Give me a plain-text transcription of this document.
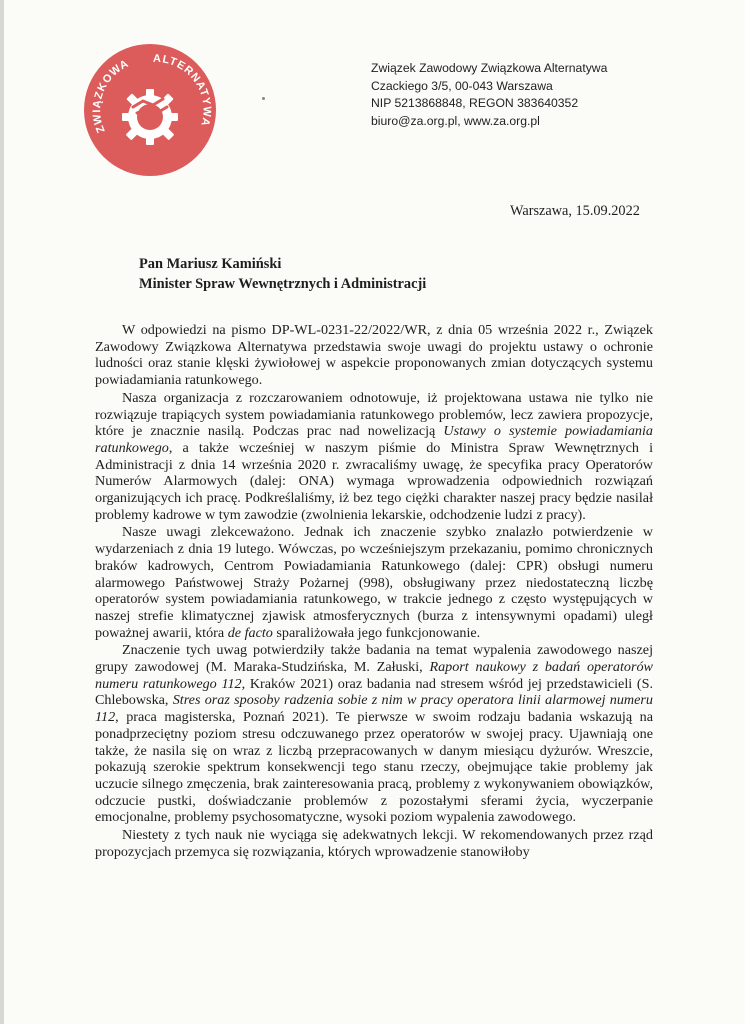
ZWIĄZKOWA ALTERNATYWA
Związek Zawodowy Związkowa Alternatywa
Czackiego 3/5, 00-043 Warszawa
NIP 5213868848, REGON 383640352
biuro@za.org.pl, www.za.org.pl
Warszawa, 15.09.2022
Pan Mariusz Kamiński
Minister Spraw Wewnętrznych i Administracji

W odpowiedzi na pismo DP-WL-0231-22/2022/WR, z dnia 05 września 2022 r., Związek Zawodowy Związkowa Alternatywa przedstawia swoje uwagi do projektu ustawy o ochronie ludności oraz stanie klęski żywiołowej w aspekcie proponowanych zmian dotyczących systemu powiadamiania ratunkowego.

Nasza organizacja z rozczarowaniem odnotowuje, iż projektowana ustawa nie tylko nie rozwiązuje trapiących system powiadamiania ratunkowego problemów, lecz zawiera propozycje, które je znacznie nasilą. Podczas prac nad nowelizacją Ustawy o systemie powiadamiania ratunkowego, a także wcześniej w naszym piśmie do Ministra Spraw Wewnętrznych i Administracji z dnia 14 września 2020 r. zwracaliśmy uwagę, że specyfika pracy Operatorów Numerów Alarmowych (dalej: ONA) wymaga wprowadzenia odpowiednich rozwiązań organizujących ich pracę. Podkreślaliśmy, iż bez tego ciężki charakter naszej pracy będzie nasilał problemy kadrowe w tym zawodzie (zwolnienia lekarskie, odchodzenie ludzi z pracy).

Nasze uwagi zlekceważono. Jednak ich znaczenie szybko znalazło potwierdzenie w wydarzeniach z dnia 19 lutego. Wówczas, po wcześniejszym przekazaniu, pomimo chronicznych braków kadrowych, Centrom Powiadamiania Ratunkowego (dalej: CPR) obsługi numeru alarmowego Państwowej Straży Pożarnej (998), obsługiwany przez niedostateczną liczbę operatorów system powiadamiania ratunkowego, w trakcie jednego z często występujących w naszej strefie klimatycznej zjawisk atmosferycznych (burza z intensywnymi opadami) uległ poważnej awarii, która de facto sparaliżowała jego funkcjonowanie.

Znaczenie tych uwag potwierdziły także badania na temat wypalenia zawodowego naszej grupy zawodowej (M. Maraka-Studzińska, M. Załuski, Raport naukowy z badań operatorów numeru ratunkowego 112, Kraków 2021) oraz badania nad stresem wśród jej przedstawicieli (S. Chlebowska, Stres oraz sposoby radzenia sobie z nim w pracy operatora linii alarmowej numeru 112, praca magisterska, Poznań 2021). Te pierwsze w swoim rodzaju badania wskazują na ponadprzeciętny poziom stresu odczuwanego przez operatorów w swojej pracy. Ujawniają one także, że nasila się on wraz z liczbą przepracowanych w danym miesiącu dyżurów. Wreszcie, pokazują szerokie spektrum konsekwencji tego stanu rzeczy, obejmujące takie problemy jak uczucie silnego zmęczenia, brak zainteresowania pracą, problemy z wykonywaniem obowiązków, odczucie pustki, doświadczanie problemów z pozostałymi sferami życia, wyczerpanie emocjonalne, problemy psychosomatyczne, wysoki poziom wypalenia zawodowego.

Niestety z tych nauk nie wyciąga się adekwatnych lekcji. W rekomendowanych przez rząd propozycjach przemyca się rozwiązania, których wprowadzenie stanowiłoby
